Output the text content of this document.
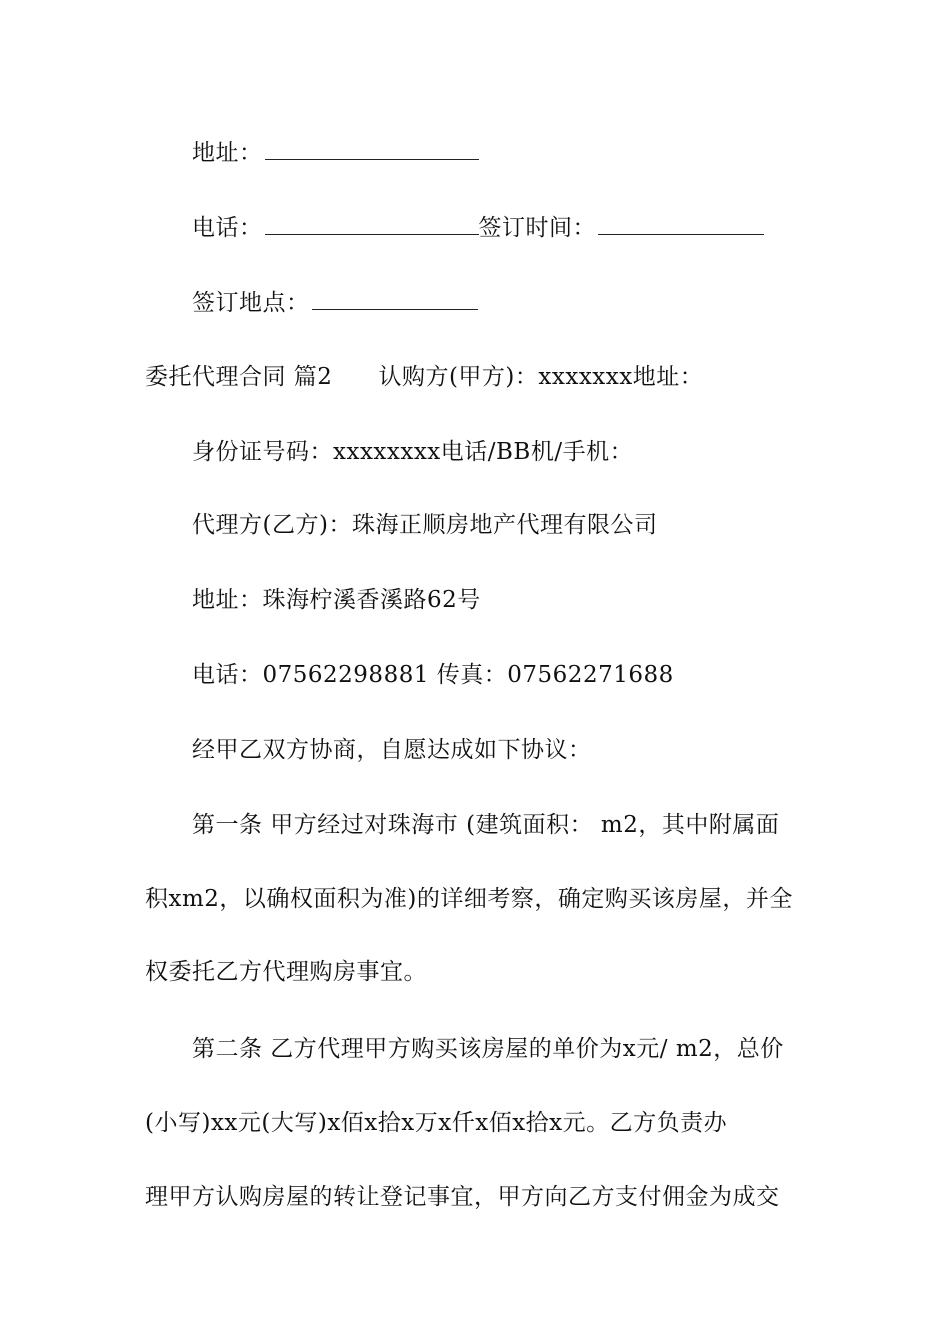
地址：
电话：	签订时间：
签订地点：
委托代理合同 篇2 认购方(甲方)：xxxxxxx地址：
身份证号码：xxxxxxxx电话/BB机/手机：
代理方(乙方)：珠海正顺房地产代理有限公司
地址：珠海柠溪香溪路62号
电话：07562298881 传真：07562271688
经甲乙双方协商，自愿达成如下协议：
第一条 甲方经过对珠海市 (建筑面积： m2，其中附属面
积xm2，以确权面积为准)的详细考察，确定购买该房屋，并全
权委托乙方代理购房事宜。
第二条 乙方代理甲方购买该房屋的单价为x元/ m2，总价
(小写)xx元(大写)x佰x拾x万x仟x佰x拾x元。乙方负责办
理甲方认购房屋的转让登记事宜，甲方向乙方支付佣金为成交
